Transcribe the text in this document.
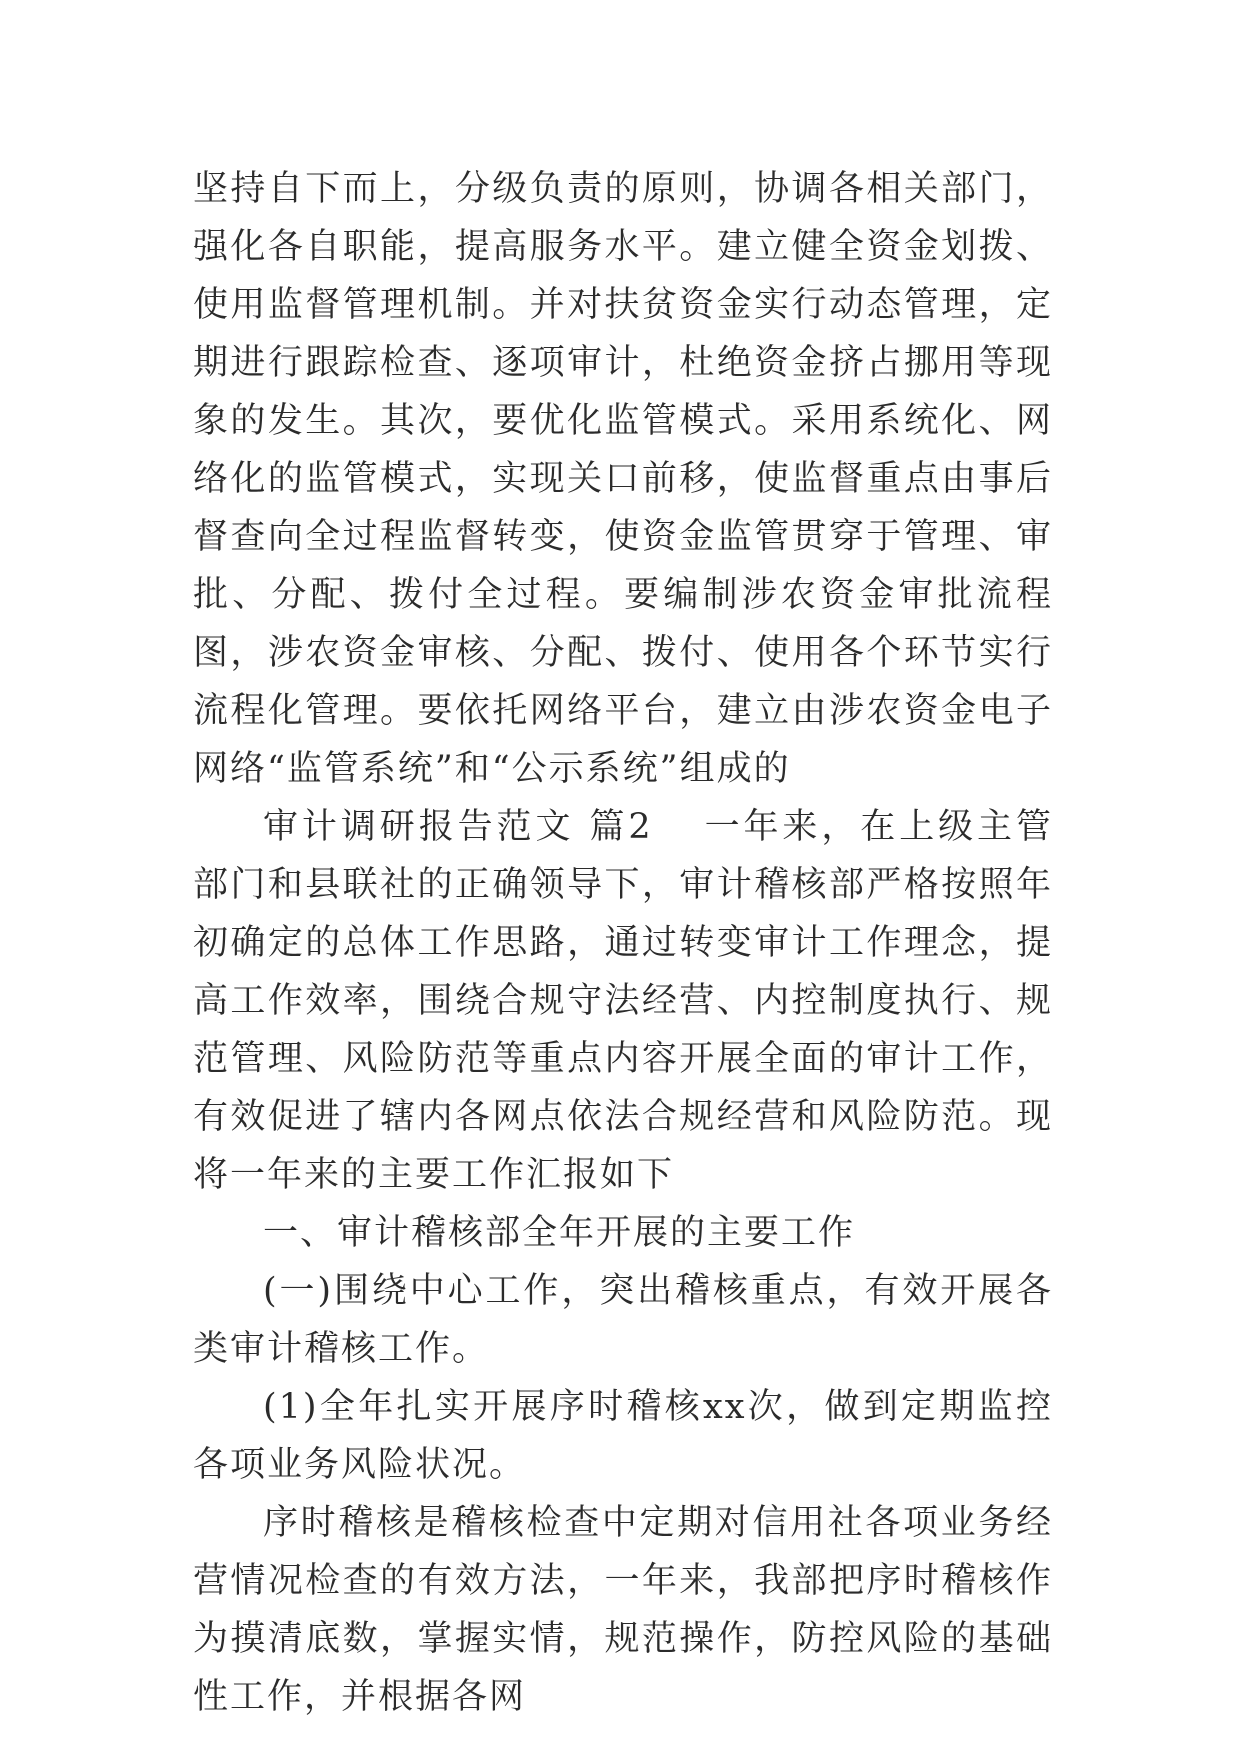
坚持自下而上，分级负责的原则，协调各相关部门，强化各自职能，提高服务水平。建立健全资金划拨、使用监督管理机制。并对扶贫资金实行动态管理，定期进行跟踪检查、逐项审计，杜绝资金挤占挪用等现象的发生。其次，要优化监管模式。采用系统化、网络化的监管模式，实现关口前移，使监督重点由事后督查向全过程监督转变，使资金监管贯穿于管理、审批、分配、拨付全过程。要编制涉农资金审批流程图，涉农资金审核、分配、拨付、使用各个环节实行流程化管理。要依托网络平台，建立由涉农资金电子网络“监管系统”和“公示系统”组成的

审计调研报告范文 篇2 一年来，在上级主管部门和县联社的正确领导下，审计稽核部严格按照年初确定的总体工作思路，通过转变审计工作理念，提高工作效率，围绕合规守法经营、内控制度执行、规范管理、风险防范等重点内容开展全面的审计工作，有效促进了辖内各网点依法合规经营和风险防范。现将一年来的主要工作汇报如下

一、审计稽核部全年开展的主要工作

(一)围绕中心工作，突出稽核重点，有效开展各类审计稽核工作。

(1)全年扎实开展序时稽核xx次，做到定期监控各项业务风险状况。

序时稽核是稽核检查中定期对信用社各项业务经营情况检查的有效方法，一年来，我部把序时稽核作为摸清底数，掌握实情，规范操作，防控风险的基础性工作，并根据各网
